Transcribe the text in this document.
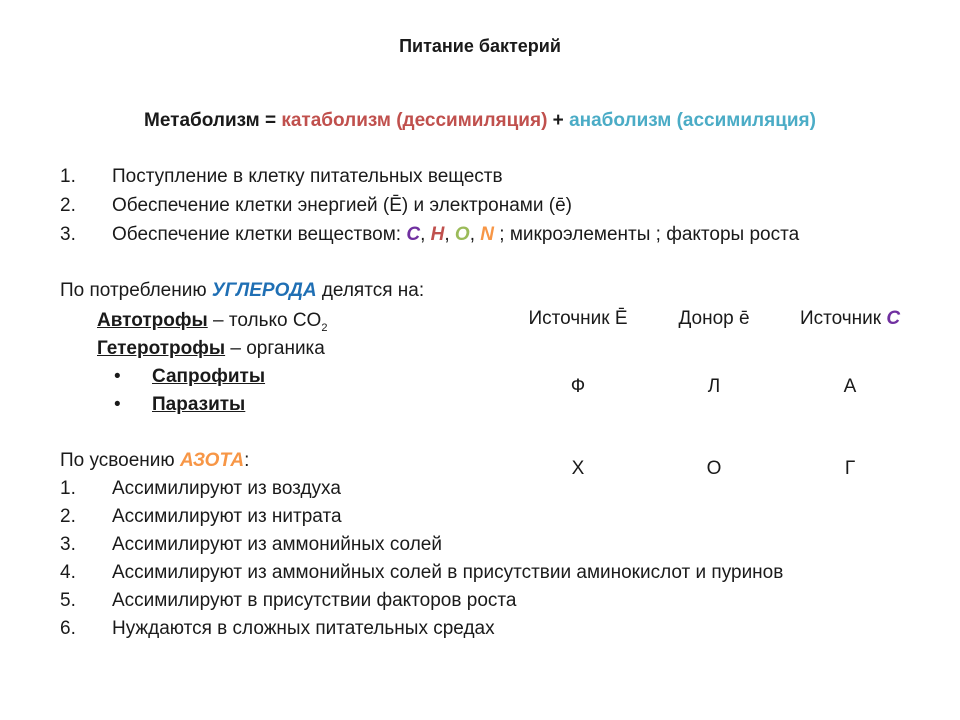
Питание бактерий
Метаболизм = катаболизм (дессимиляция) + анаболизм (ассимиляция)
1. Поступление в клетку питательных веществ
2. Обеспечение клетки энергией (Ē) и электронами (ē)
3. Обеспечение клетки веществом: C, H, O, N ; микроэлементы ; факторы роста
По потреблению УГЛЕРОДА делятся на:
Автотрофы – только $CO_2$
Гетеротрофы – органика
• Сапрофиты
• Паразиты
По усвоению АЗОТА:
1. Ассимилируют из воздуха
2. Ассимилируют из нитрата
3. Ассимилируют из аммонийных солей
4. Ассимилируют из аммонийных солей в присутствии аминокислот и пуринов
5. Ассимилируют в присутствии факторов роста
6. Нуждаются в сложных питательных средах
Источник Ē	Донор ē	Источник С
Ф	Л	А
Х	О	Г
